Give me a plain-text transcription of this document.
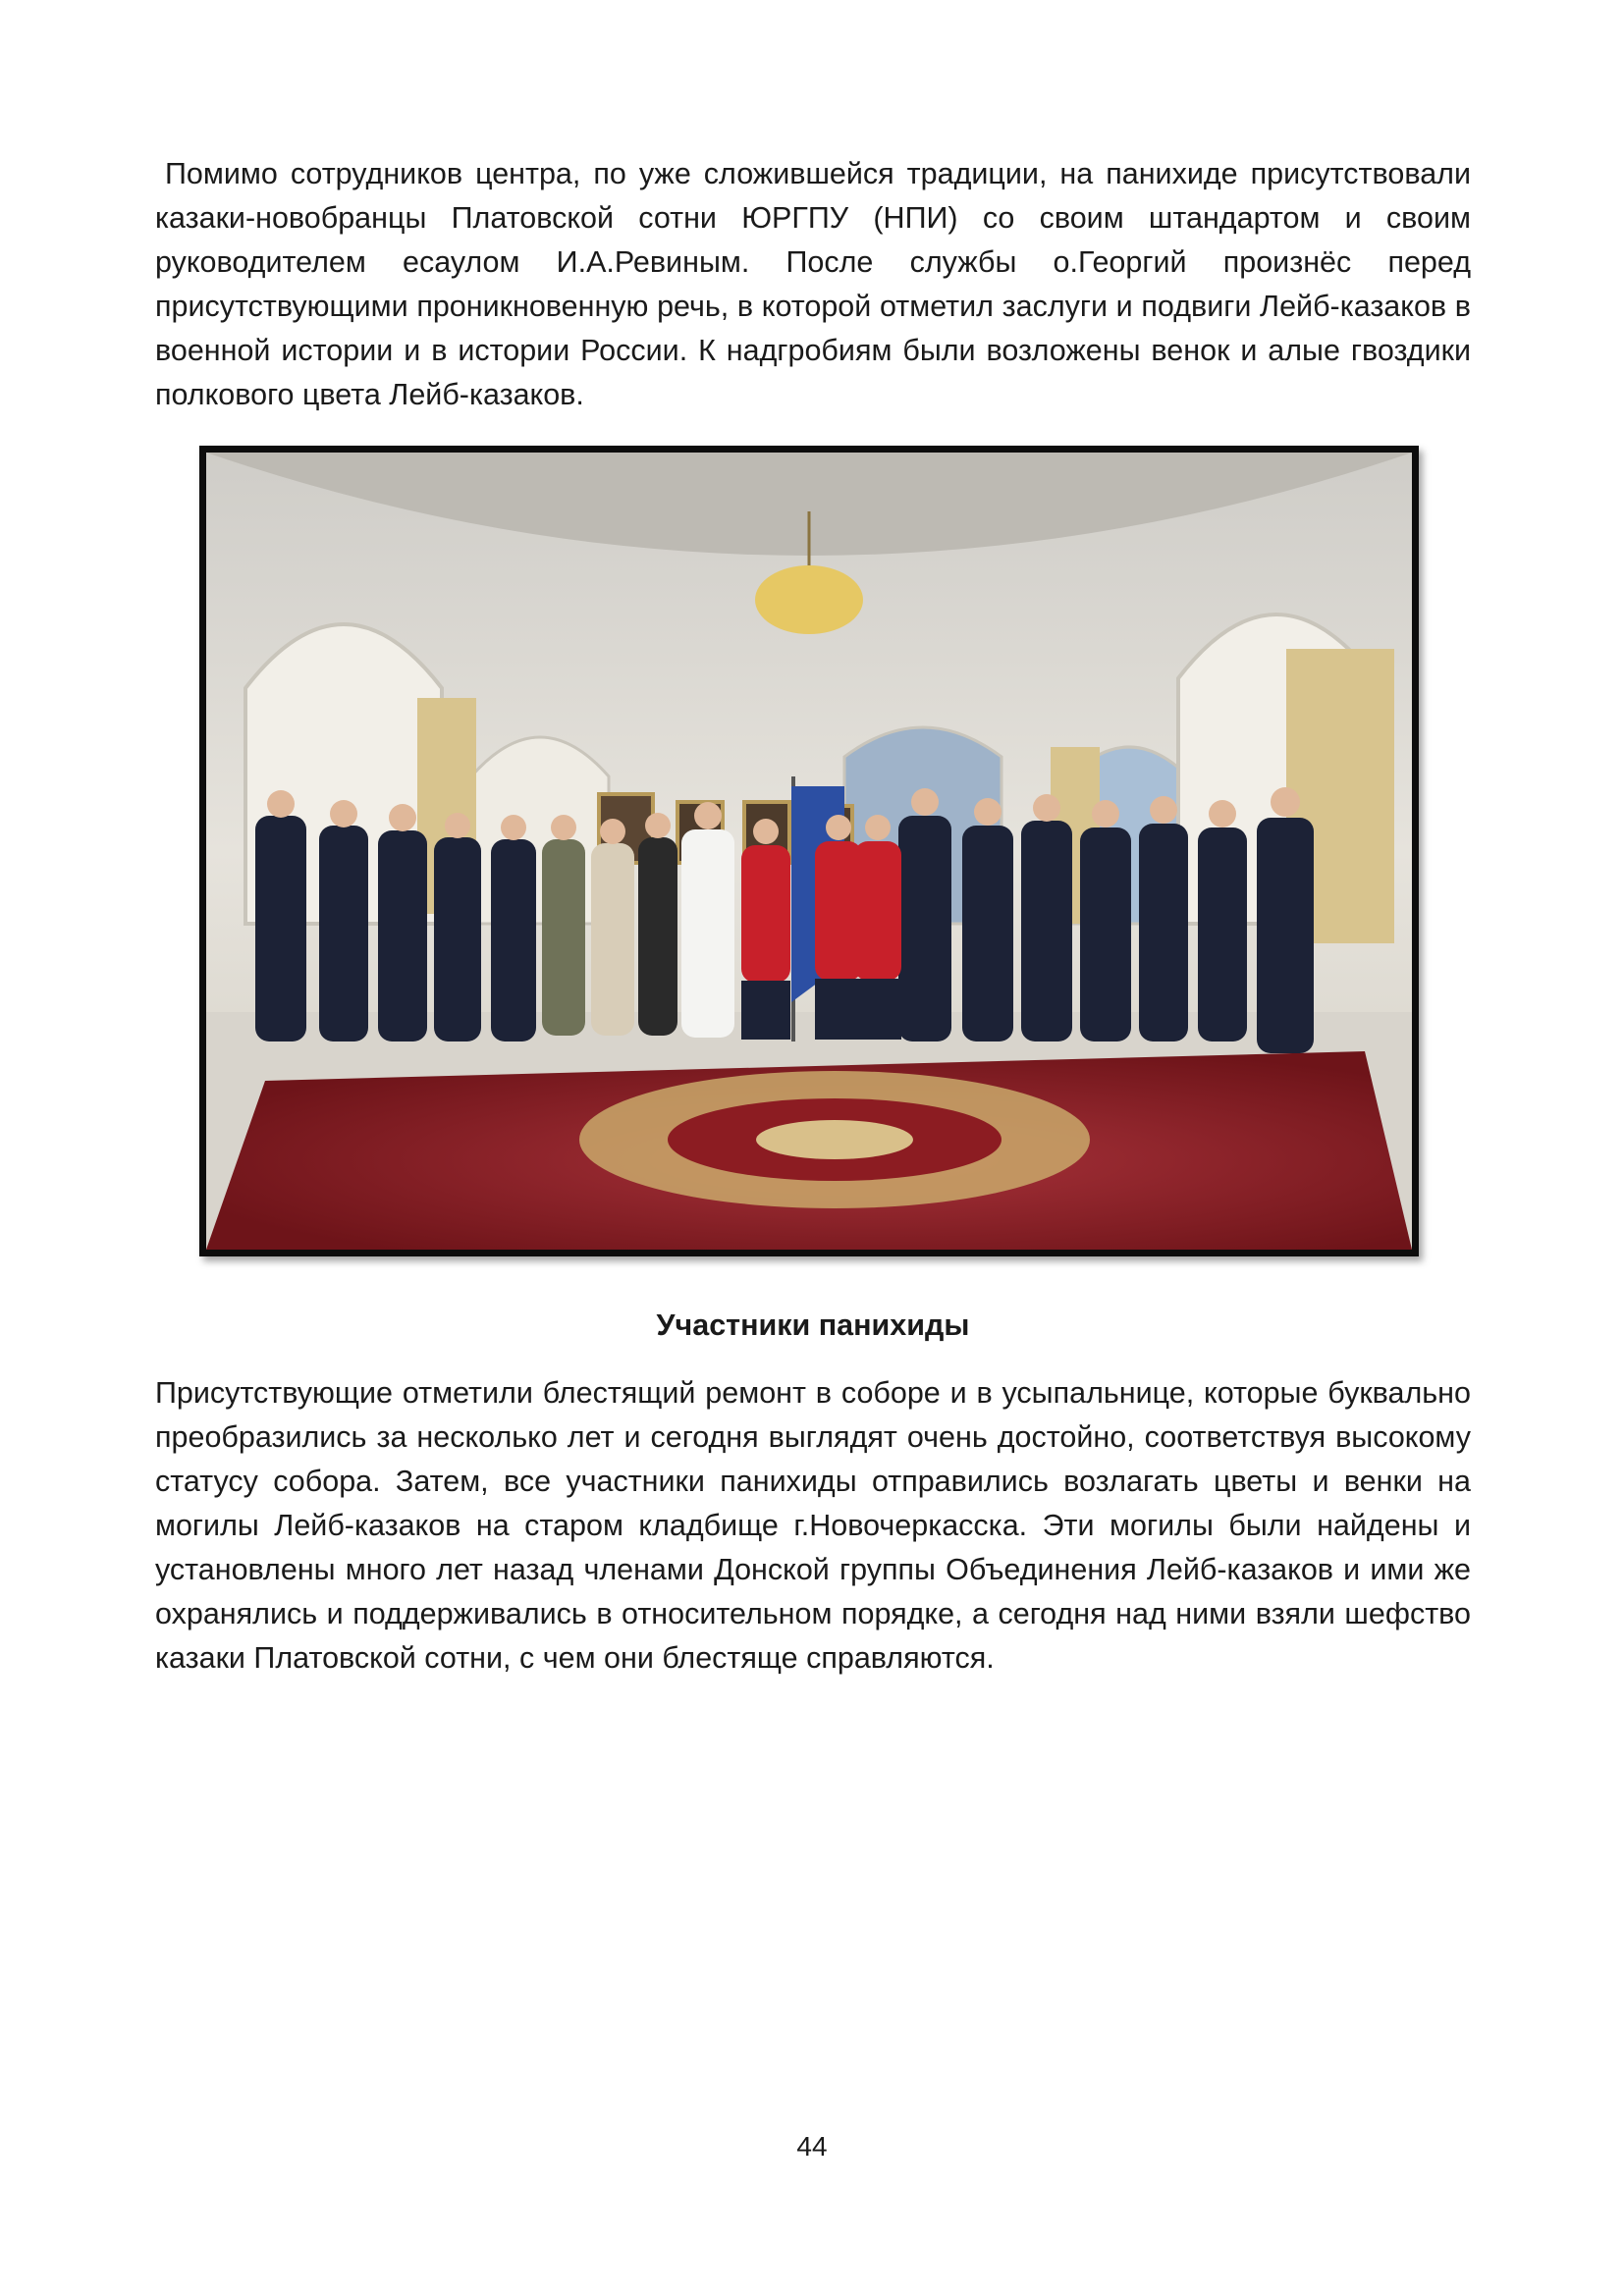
Помимо сотрудников центра, по уже сложившейся традиции, на панихиде присутствовали казаки-новобранцы Платовской сотни ЮРГПУ (НПИ) со своим штандартом и своим руководителем есаулом И.А.Ревиным. После службы о.Георгий произнёс перед присутствующими проникновенную речь, в которой отметил заслуги и подвиги Лейб-казаков в военной истории и в истории России. К надгробиям были возложены венок и алые гвоздики полкового цвета Лейб-казаков.

Участники панихиды

Присутствующие отметили блестящий ремонт в соборе и в усыпальнице, которые буквально преобразились за несколько лет и сегодня выглядят очень достойно, соответствуя высокому статусу собора. Затем, все участники панихиды отправились возлагать цветы и венки на могилы Лейб-казаков на старом кладбище г.Новочеркасска. Эти могилы были найдены и установлены много лет назад членами Донской группы Объединения Лейб-казаков и ими же охранялись и поддерживались в относительном порядке, а сегодня над ними взяли шефство казаки Платовской сотни, с чем они блестяще справляются.

44
